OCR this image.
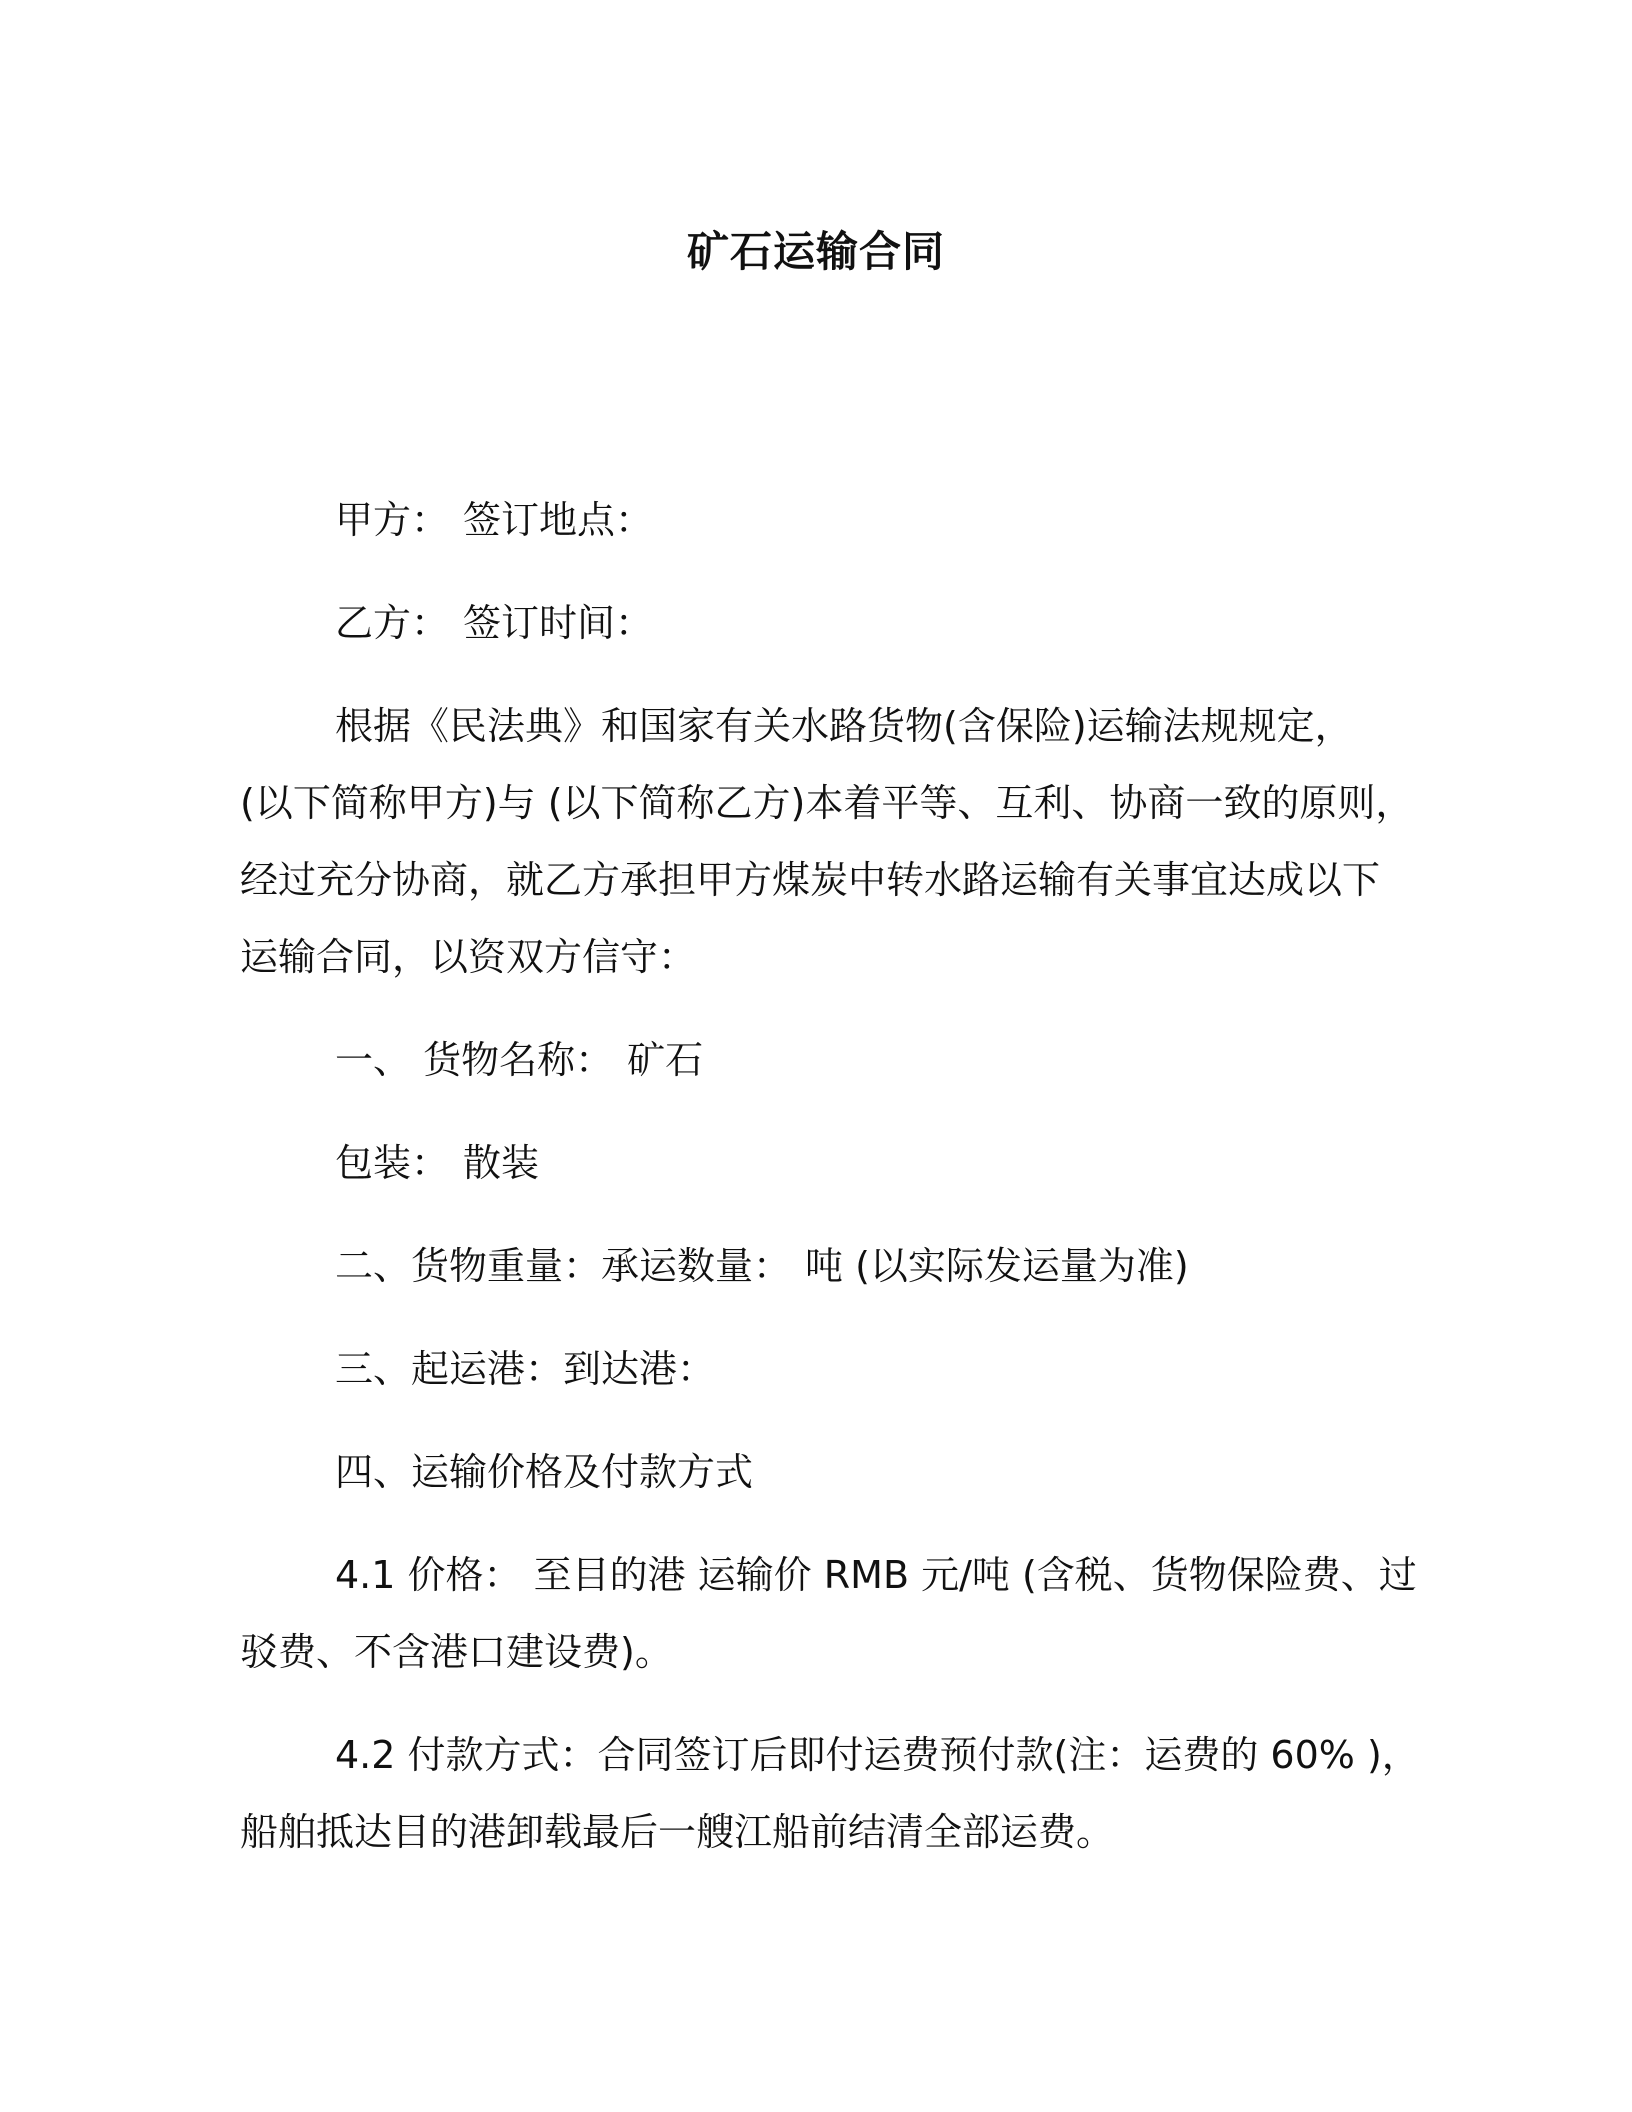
矿石运输合同
甲方： 签订地点：
乙方： 签订时间：
根据《民法典》和国家有关水路货物(含保险)运输法规规定，
(以下简称甲方)与 (以下简称乙方)本着平等、互利、协商一致的原则，
经过充分协商，就乙方承担甲方煤炭中转水路运输有关事宜达成以下
运输合同，以资双方信守：
一、 货物名称： 矿石
包装： 散装
二、货物重量：承运数量： 吨 (以实际发运量为准)
三、起运港：到达港：
四、运输价格及付款方式
4.1 价格： 至目的港 运输价 RMB 元/吨 (含税、货物保险费、过
驳费、不含港口建设费)。
4.2 付款方式：合同签订后即付运费预付款(注：运费的 60% )，
船舶抵达目的港卸载最后一艘江船前结清全部运费。
